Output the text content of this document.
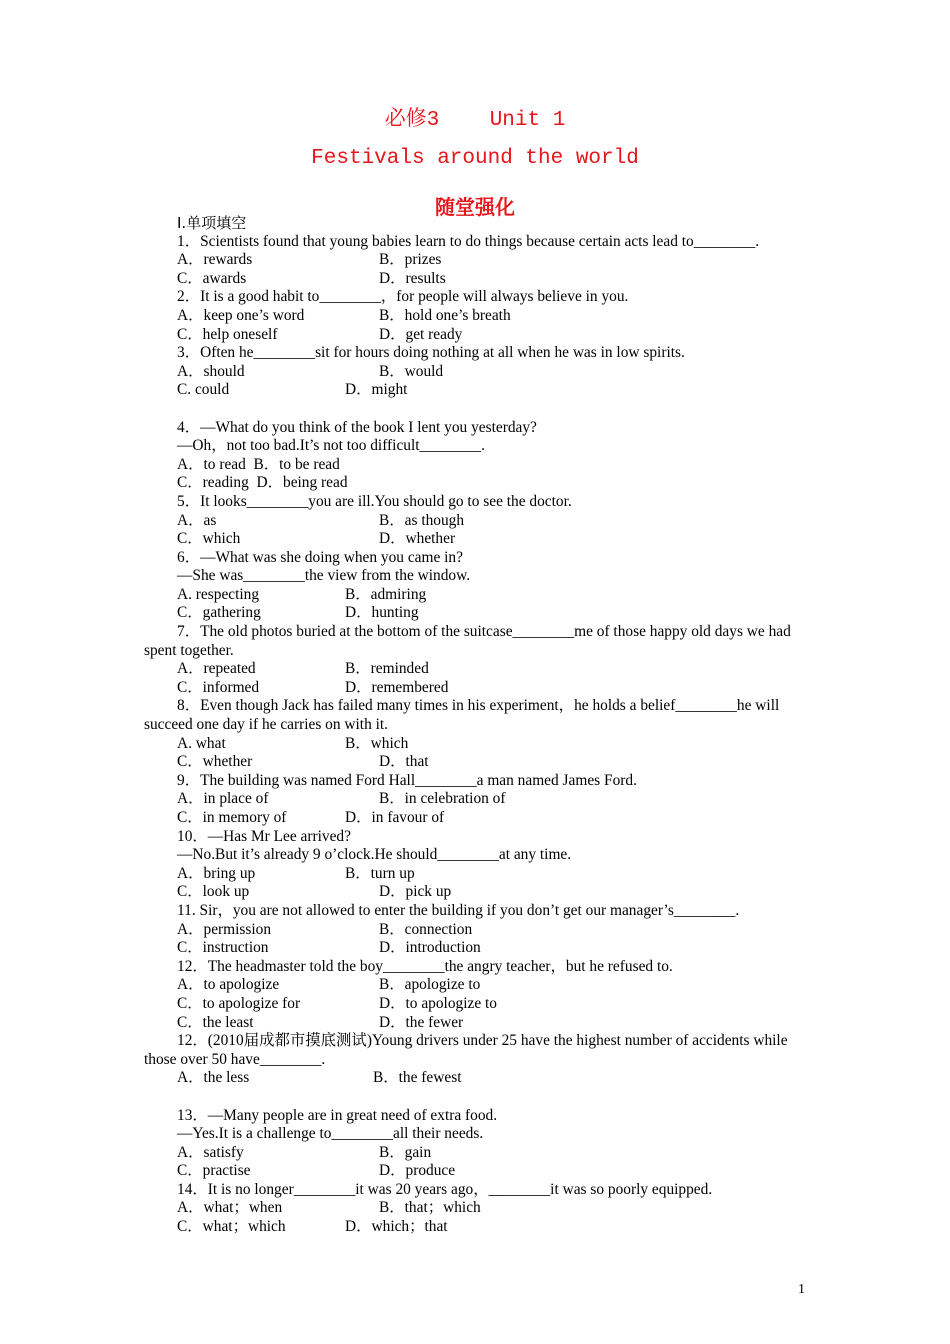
必修3    Unit 1
Festivals around the world
随堂强化
Ⅰ.单项填空
1．Scientists found that young babies learn to do things because certain acts lead to________.
A．rewards	B．prizes
C．awards	D．results
2．It is a good habit to________，for people will always believe in you.
A．keep one’s word	B．hold one’s breath
C．help oneself	D．get ready
3．Often he________sit for hours doing nothing at all when he was in low spirits.
A．should	B．would
C. could	D．might
4．—What do you think of the book I lent you yesterday?
—Oh，not too bad.It’s not too difficult________.
A．to read  B．to be read
C．reading  D．being read
5．It looks________you are ill.You should go to see the doctor.
A．as	B．as though
C．which	D．whether
6．—What was she doing when you came in?
—She was________the view from the window.
A. respecting	B．admiring
C．gathering	D．hunting
7．The old photos buried at the bottom of the suitcase________me of those happy old days we had spent together.
A．repeated	B．reminded
C．informed	D．remembered
8．Even though Jack has failed many times in his experiment，he holds a belief________he will succeed one day if he carries on with it.
A. what	B．which
C．whether	D．that
9．The building was named Ford Hall________a man named James Ford.
A．in place of	B．in celebration of
C．in memory of	D．in favour of
10．—Has Mr Lee arrived?
—No.But it’s already 9 o’clock.He should________at any time.
A．bring up	B．turn up
C．look up	D．pick up
11. Sir，you are not allowed to enter the building if you don’t get our manager’s________.
A．permission	B．connection
C．instruction	D．introduction
12．The headmaster told the boy________the angry teacher，but he refused to.
A．to apologize	B．apologize to
C．to apologize for	D．to apologize to
C．the least	D．the fewer
12．(2010届成都市摸底测试)Young drivers under 25 have the highest number of accidents while those over 50 have________.
A．the less	B．the fewest
13．—Many people are in great need of extra food.
—Yes.It is a challenge to________all their needs.
A．satisfy	B．gain
C．practise	D．produce
14．It is no longer________it was 20 years ago，________it was so poorly equipped.
A．what；when	B．that；which
C．what；which	D．which；that
1
